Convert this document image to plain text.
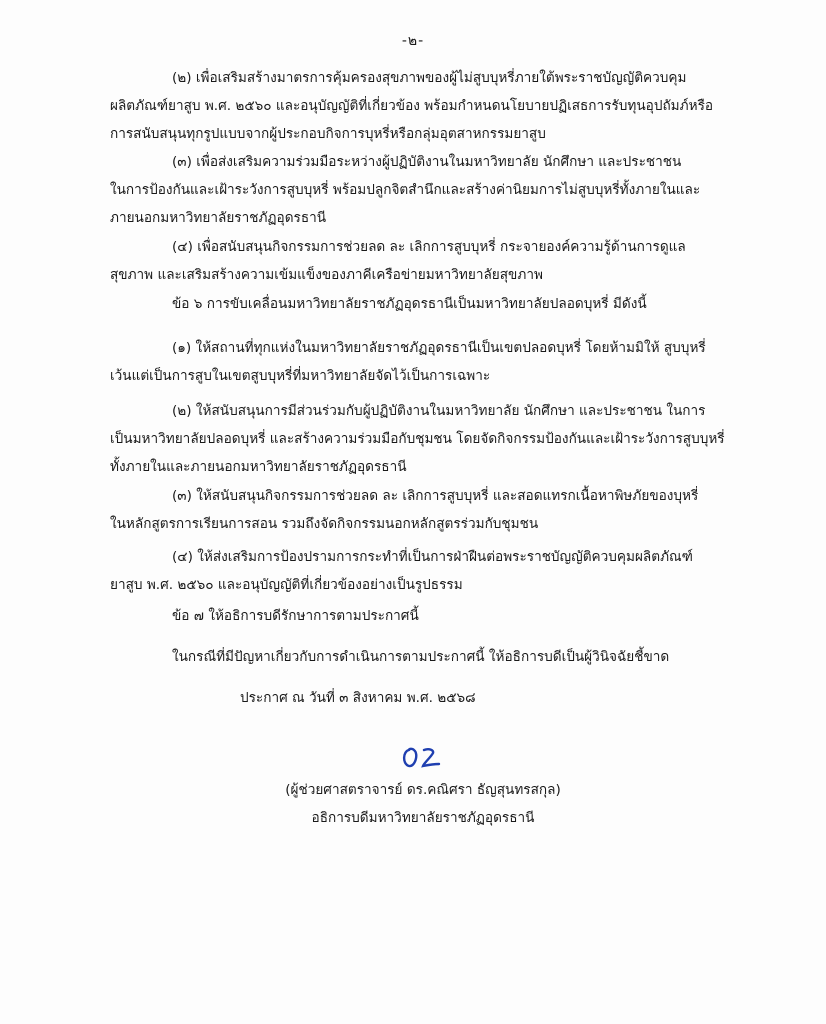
-๒-

(๒) เพื่อเสริมสร้างมาตรการคุ้มครองสุขภาพของผู้ไม่สูบบุหรี่ภายใต้พระราชบัญญัติควบคุม
ผลิตภัณฑ์ยาสูบ พ.ศ. ๒๕๖๐ และอนุบัญญัติที่เกี่ยวข้อง พร้อมกำหนดนโยบายปฏิเสธการรับทุนอุปถัมภ์หรือ
การสนับสนุนทุกรูปแบบจากผู้ประกอบกิจการบุหรี่หรือกลุ่มอุตสาหกรรมยาสูบ

(๓) เพื่อส่งเสริมความร่วมมือระหว่างผู้ปฏิบัติงานในมหาวิทยาลัย นักศึกษา และประชาชน
ในการป้องกันและเฝ้าระวังการสูบบุหรี่ พร้อมปลูกจิตสำนึกและสร้างค่านิยมการไม่สูบบุหรี่ทั้งภายในและ
ภายนอกมหาวิทยาลัยราชภัฏอุดรธานี

(๔) เพื่อสนับสนุนกิจกรรมการช่วยลด ละ เลิกการสูบบุหรี่ กระจายองค์ความรู้ด้านการดูแล
สุขภาพ และเสริมสร้างความเข้มแข็งของภาคีเครือข่ายมหาวิทยาลัยสุขภาพ

ข้อ ๖ การขับเคลื่อนมหาวิทยาลัยราชภัฏอุดรธานีเป็นมหาวิทยาลัยปลอดบุหรี่ มีดังนี้

(๑) ให้สถานที่ทุกแห่งในมหาวิทยาลัยราชภัฏอุดรธานีเป็นเขตปลอดบุหรี่ โดยห้ามมิให้ สูบบุหรี่
เว้นแต่เป็นการสูบในเขตสูบบุหรี่ที่มหาวิทยาลัยจัดไว้เป็นการเฉพาะ

(๒) ให้สนับสนุนการมีส่วนร่วมกับผู้ปฏิบัติงานในมหาวิทยาลัย นักศึกษา และประชาชน ในการ
เป็นมหาวิทยาลัยปลอดบุหรี่ และสร้างความร่วมมือกับชุมชน โดยจัดกิจกรรมป้องกันและเฝ้าระวังการสูบบุหรี่
ทั้งภายในและภายนอกมหาวิทยาลัยราชภัฏอุดรธานี

(๓) ให้สนับสนุนกิจกรรมการช่วยลด ละ เลิกการสูบบุหรี่ และสอดแทรกเนื้อหาพิษภัยของบุหรี่
ในหลักสูตรการเรียนการสอน รวมถึงจัดกิจกรรมนอกหลักสูตรร่วมกับชุมชน

(๔) ให้ส่งเสริมการป้องปรามการกระทำที่เป็นการฝ่าฝืนต่อพระราชบัญญัติควบคุมผลิตภัณฑ์
ยาสูบ พ.ศ. ๒๕๖๐ และอนุบัญญัติที่เกี่ยวข้องอย่างเป็นรูปธรรม

ข้อ ๗ ให้อธิการบดีรักษาการตามประกาศนี้

ในกรณีที่มีปัญหาเกี่ยวกับการดำเนินการตามประกาศนี้ ให้อธิการบดีเป็นผู้วินิจฉัยชี้ขาด

ประกาศ ณ วันที่ ๓ สิงหาคม พ.ศ. ๒๕๖๘

(ผู้ช่วยศาสตราจารย์ ดร.คณิศรา ธัญสุนทรสกุล)
อธิการบดีมหาวิทยาลัยราชภัฏอุดรธานี
